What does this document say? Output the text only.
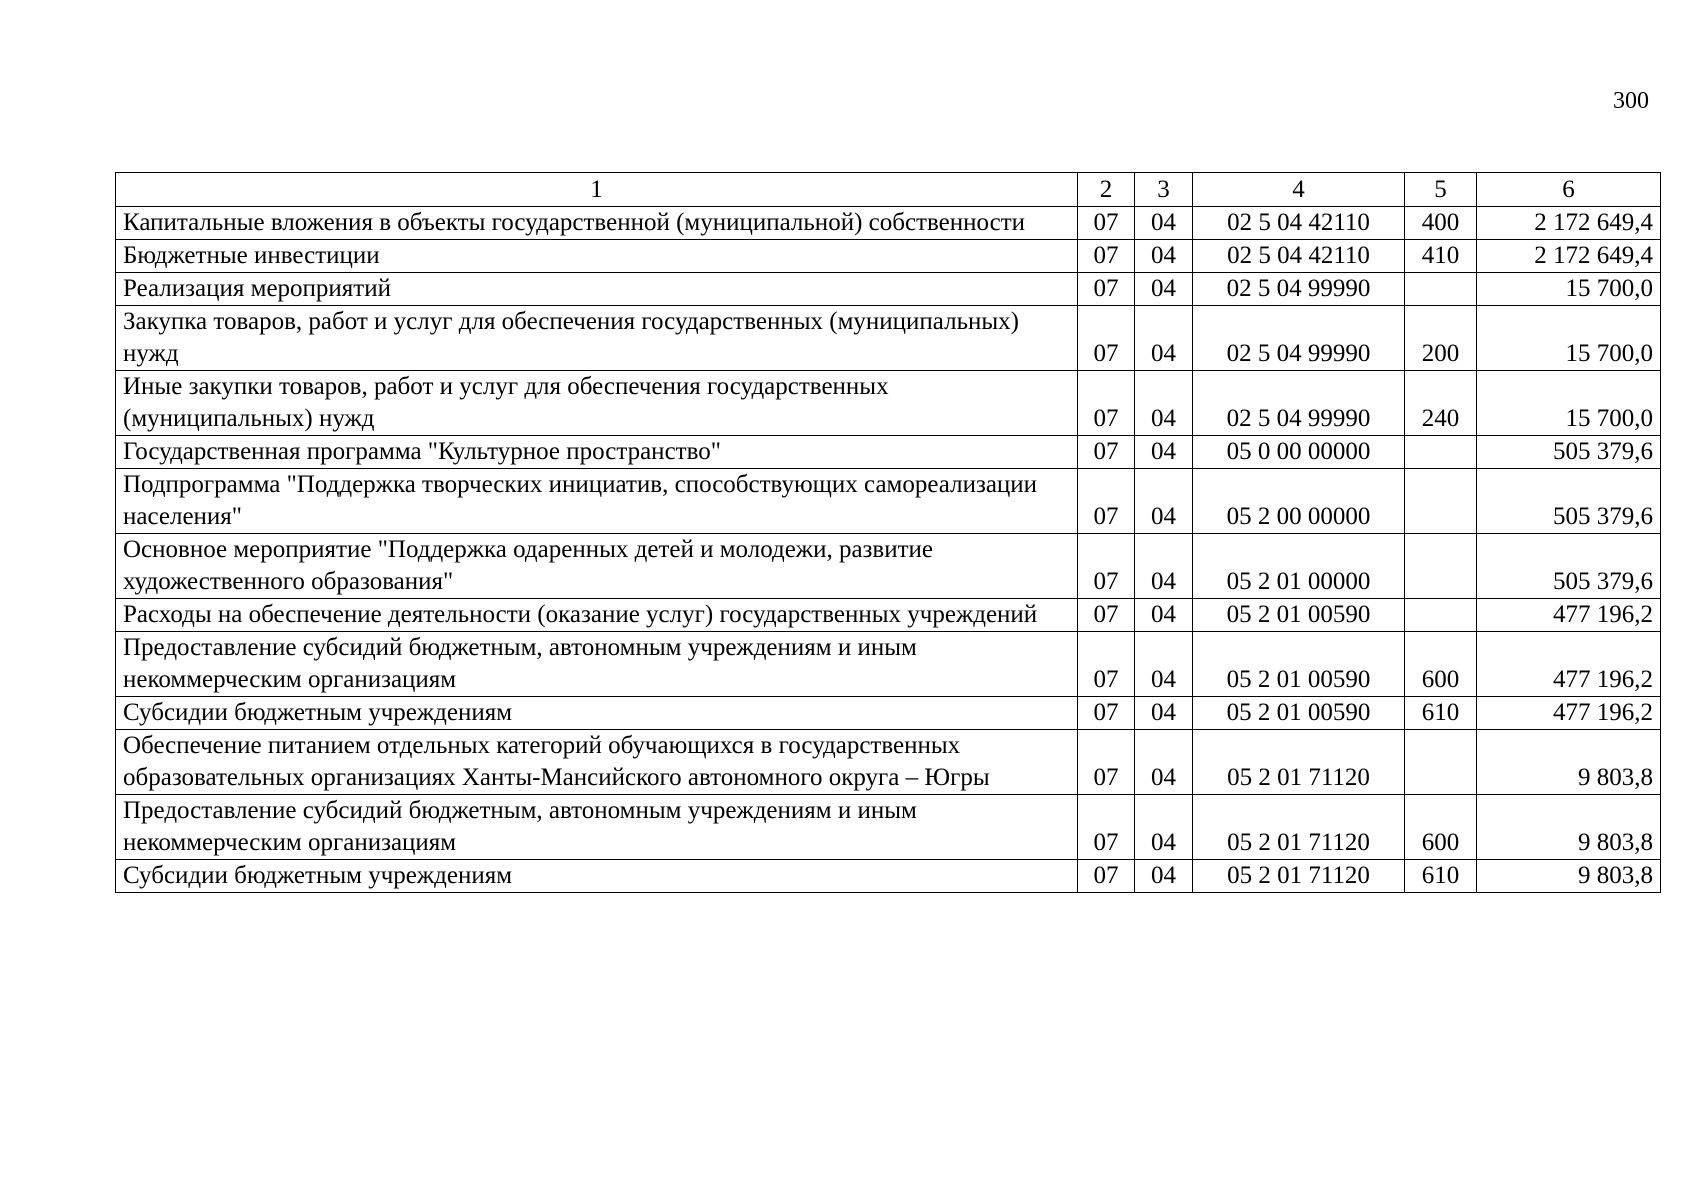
300
1	2	3	4	5	6
Капитальные вложения в объекты государственной (муниципальной) собственности	07	04	02 5 04 42110	400	2 172 649,4
Бюджетные инвестиции	07	04	02 5 04 42110	410	2 172 649,4
Реализация мероприятий	07	04	02 5 04 99990		15 700,0
Закупка товаров, работ и услуг для обеспечения государственных (муниципальных) нужд	07	04	02 5 04 99990	200	15 700,0
Иные закупки товаров, работ и услуг для обеспечения государственных (муниципальных) нужд	07	04	02 5 04 99990	240	15 700,0
Государственная программа "Культурное пространство"	07	04	05 0 00 00000		505 379,6
Подпрограмма "Поддержка творческих инициатив, способствующих самореализации населения"	07	04	05 2 00 00000		505 379,6
Основное мероприятие "Поддержка одаренных детей и молодежи, развитие художественного образования"	07	04	05 2 01 00000		505 379,6
Расходы на обеспечение деятельности (оказание услуг) государственных учреждений	07	04	05 2 01 00590		477 196,2
Предоставление субсидий бюджетным, автономным учреждениям и иным некоммерческим организациям	07	04	05 2 01 00590	600	477 196,2
Субсидии бюджетным учреждениям	07	04	05 2 01 00590	610	477 196,2
Обеспечение питанием отдельных категорий обучающихся в государственных образовательных организациях Ханты-Мансийского автономного округа – Югры	07	04	05 2 01 71120		9 803,8
Предоставление субсидий бюджетным, автономным учреждениям и иным некоммерческим организациям	07	04	05 2 01 71120	600	9 803,8
Субсидии бюджетным учреждениям	07	04	05 2 01 71120	610	9 803,8
